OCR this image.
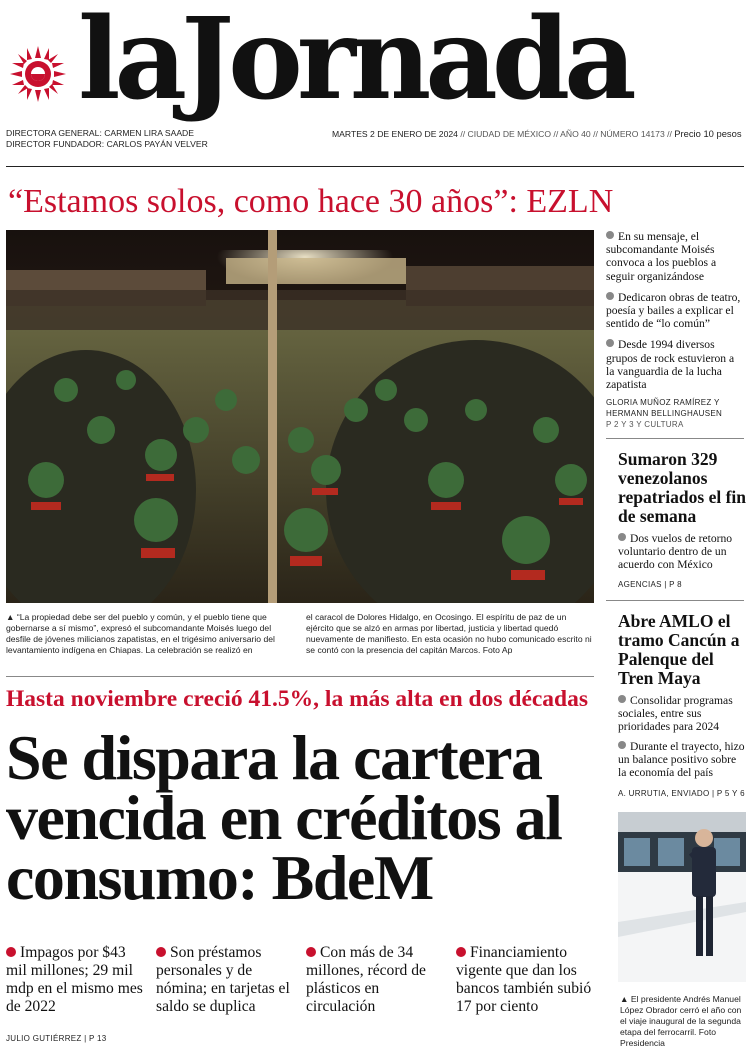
laJornada
DIRECTORA GENERAL: CARMEN LIRA SAADE
DIRECTOR FUNDADOR: CARLOS PAYÁN VELVER
MARTES 2 DE ENERO DE 2024 // CIUDAD DE MÉXICO // AÑO 40 // NÚMERO 14173 // Precio 10 pesos
“Estamos solos, como hace 30 años”: EZLN
▲ “La propiedad debe ser del pueblo y común, y el pueblo tiene que gobernarse a sí mismo”, expresó el subcomandante Moisés luego del desfile de jóvenes milicianos zapatistas, en el trigésimo aniversario del levantamiento indígena en Chiapas. La celebración se realizó en
el caracol de Dolores Hidalgo, en Ocosingo. El espíritu de paz de un ejército que se alzó en armas por libertad, justicia y libertad quedó nuevamente de manifiesto. En esta ocasión no hubo comunicado escrito ni se contó con la presencia del capitán Marcos. Foto Ap
En su mensaje, el subcomandante Moisés convoca a los pueblos a seguir organizándose
Dedicaron obras de teatro, poesía y bailes a explicar el sentido de “lo común”
Desde 1994 diversos grupos de rock estuvieron a la vanguardia de la lucha zapatista
GLORIA MUÑOZ RAMÍREZ Y HERMANN BELLINGHAUSEN
P 2 Y 3 Y CULTURA
Sumaron 329 venezolanos repatriados el fin de semana
Dos vuelos de retorno voluntario dentro de un acuerdo con México
AGENCIAS | P 8
Abre AMLO el tramo Cancún a Palenque del Tren Maya
Consolidar programas sociales, entre sus prioridades para 2024
Durante el trayecto, hizo un balance positivo sobre la economía del país
A. URRUTIA, ENVIADO | P 5 Y 6
▲ El presidente Andrés Manuel López Obrador cerró el año con el viaje inaugural de la segunda etapa del ferrocarril. Foto Presidencia
Hasta noviembre creció 41.5%, la más alta en dos décadas
Se dispara la cartera vencida en créditos al consumo: BdeM
Impagos por $43 mil millones; 29 mil mdp en el mismo mes de 2022
Son préstamos personales y de nómina; en tarjetas el saldo se duplica
Con más de 34 millones, récord de plásticos en circulación
Financiamiento vigente que dan los bancos también subió 17 por ciento
JULIO GUTIÉRREZ | P 13
